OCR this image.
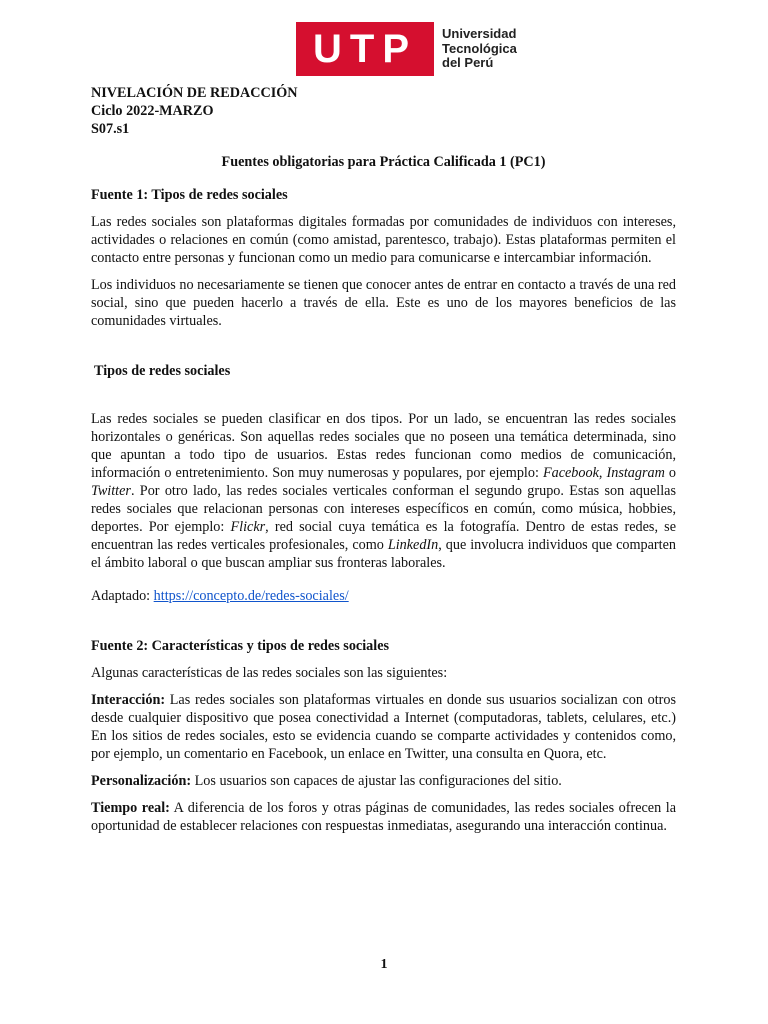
UTP Universidad
Tecnológica
del Perú
NIVELACIÓN DE REDACCIÓN
Ciclo 2022-MARZO
S07.s1
Fuentes obligatorias para Práctica Calificada 1 (PC1)
Fuente 1: Tipos de redes sociales

Las redes sociales son plataformas digitales formadas por comunidades de individuos con intereses, actividades o relaciones en común (como amistad, parentesco, trabajo). Estas plataformas permiten el contacto entre personas y funcionan como un medio para comunicarse e intercambiar información.

Los individuos no necesariamente se tienen que conocer antes de entrar en contacto a través de una red social, sino que pueden hacerlo a través de ella. Este es uno de los mayores beneficios de las comunidades virtuales.

Tipos de redes sociales

Las redes sociales se pueden clasificar en dos tipos. Por un lado, se encuentran las redes sociales horizontales o genéricas. Son aquellas redes sociales que no poseen una temática determinada, sino que apuntan a todo tipo de usuarios. Estas redes funcionan como medios de comunicación, información o entretenimiento. Son muy numerosas y populares, por ejemplo: Facebook, Instagram o Twitter. Por otro lado, las redes sociales verticales conforman el segundo grupo. Estas son aquellas redes sociales que relacionan personas con intereses específicos en común, como música, hobbies, deportes. Por ejemplo: Flickr, red social cuya temática es la fotografía. Dentro de estas redes, se encuentran las redes verticales profesionales, como LinkedIn, que involucra individuos que comparten el ámbito laboral o que buscan ampliar sus fronteras laborales.

Adaptado: https://concepto.de/redes-sociales/

Fuente 2: Características y tipos de redes sociales

Algunas características de las redes sociales son las siguientes:

Interacción: Las redes sociales son plataformas virtuales en donde sus usuarios socializan con otros desde cualquier dispositivo que posea conectividad a Internet (computadoras, tablets, celulares, etc.) En los sitios de redes sociales, esto se evidencia cuando se comparte actividades y contenidos como, por ejemplo, un comentario en Facebook, un enlace en Twitter, una consulta en Quora, etc.

Personalización: Los usuarios son capaces de ajustar las configuraciones del sitio.

Tiempo real: A diferencia de los foros y otras páginas de comunidades, las redes sociales ofrecen la oportunidad de establecer relaciones con respuestas inmediatas, asegurando una interacción continua.

1
